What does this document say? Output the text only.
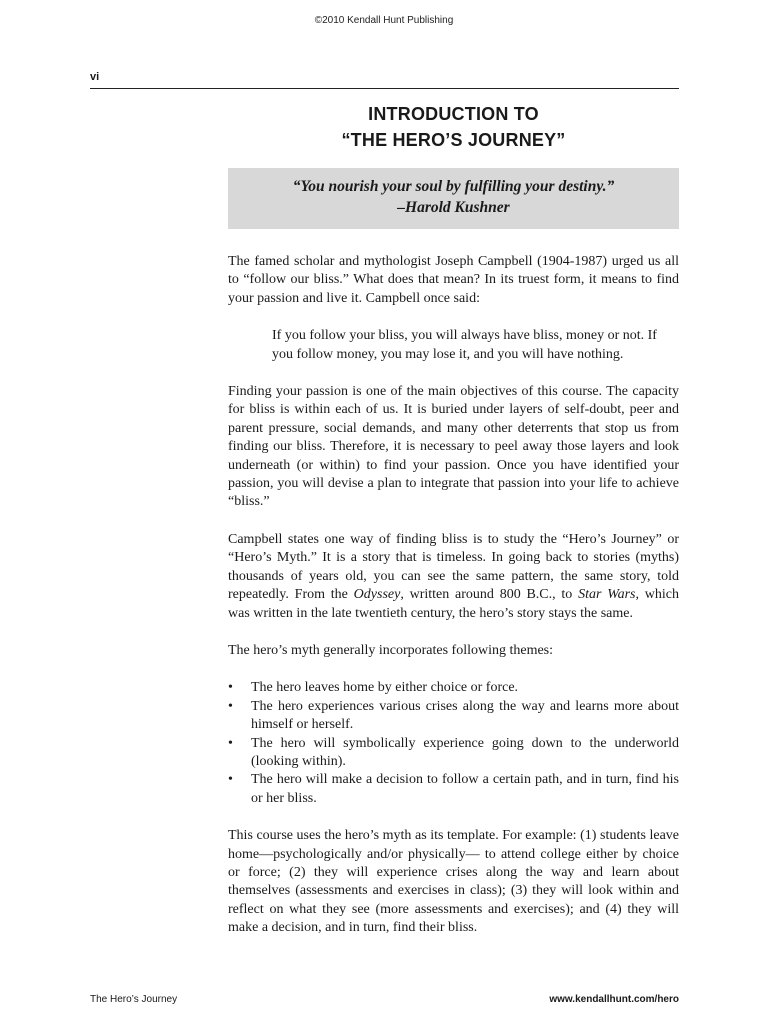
©2010 Kendall Hunt Publishing
vi
INTRODUCTION TO
“THE HERO’S JOURNEY”
“You nourish your soul by fulfilling your destiny.”
–Harold Kushner

The famed scholar and mythologist Joseph Campbell (1904-1987) urged us all to “follow our bliss.” What does that mean? In its truest form, it means to find your passion and live it. Campbell once said:

If you follow your bliss, you will always have bliss, money or not. If you follow money, you may lose it, and you will have nothing.

Finding your passion is one of the main objectives of this course. The capacity for bliss is within each of us. It is buried under layers of self-doubt, peer and parent pressure, social demands, and many other deterrents that stop us from finding our bliss. Therefore, it is necessary to peel away those layers and look underneath (or within) to find your passion. Once you have identified your passion, you will devise a plan to integrate that passion into your life to achieve “bliss.”

Campbell states one way of finding bliss is to study the “Hero’s Journey” or “Hero’s Myth.” It is a story that is timeless. In going back to stories (myths) thousands of years old, you can see the same pattern, the same story, told repeatedly. From the Odyssey, written around 800 B.C., to Star Wars, which was written in the late twentieth century, the hero’s story stays the same.

The hero’s myth generally incorporates following themes:

• The hero leaves home by either choice or force.
• The hero experiences various crises along the way and learns more about himself or herself.
• The hero will symbolically experience going down to the underworld (looking within).
• The hero will make a decision to follow a certain path, and in turn, find his or her bliss.

This course uses the hero’s myth as its template. For example: (1) students leave home—psychologically and/or physically— to attend college either by choice or force; (2) they will experience crises along the way and learn about themselves (assessments and exercises in class); (3) they will look within and reflect on what they see (more assessments and exercises); and (4) they will make a decision, and in turn, find their bliss.

The Hero’s Journey	www.kendallhunt.com/hero
